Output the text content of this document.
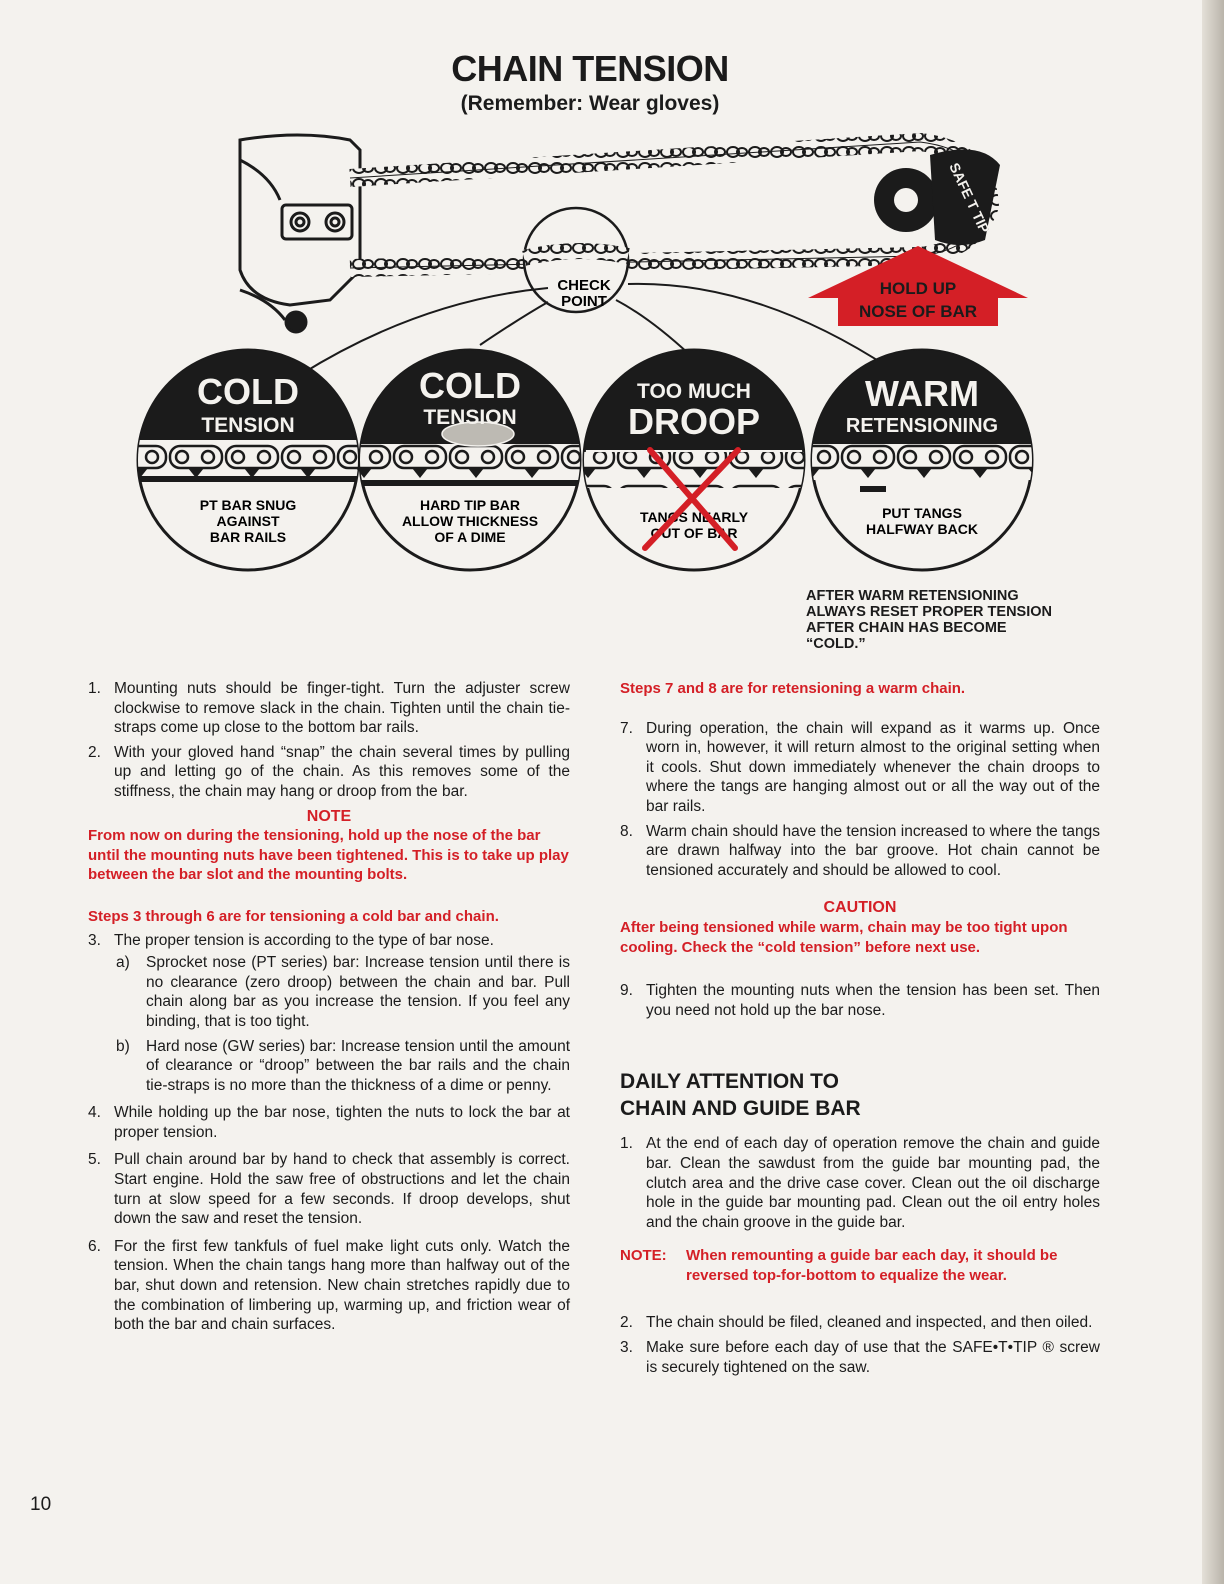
CHAIN TENSION
(Remember: Wear gloves)
SAFE T TIP
CHECK
POINT
HOLD UP
NOSE OF BAR
COLD
TENSION
PT BAR SNUG
AGAINST
BAR RAILS
COLD
TENSION
HARD TIP BAR
ALLOW THICKNESS
OF A DIME
TOO MUCH
DROOP
TANGS NEARLY
OUT OF BAR
WARM
RETENSIONING
PUT TANGS
HALFWAY BACK
AFTER WARM RETENSIONING ALWAYS RESET PROPER TENSION AFTER CHAIN HAS BECOME “COLD.”
1. Mounting nuts should be finger-tight. Turn the adjuster screw clockwise to remove slack in the chain. Tighten until the chain tie-straps come up close to the bottom bar rails.
2. With your gloved hand “snap” the chain several times by pulling up and letting go of the chain. As this removes some of the stiffness, the chain may hang or droop from the bar.
NOTE
From now on during the tensioning, hold up the nose of the bar until the mounting nuts have been tightened. This is to take up play between the bar slot and the mounting bolts.
Steps 3 through 6 are for tensioning a cold bar and chain.
3. The proper tension is according to the type of bar nose.
a)	Sprocket nose (PT series) bar: Increase tension until there is no clearance (zero droop) between the chain and bar. Pull chain along bar as you increase the tension. If you feel any binding, that is too tight.
b)	Hard nose (GW series) bar: Increase tension until the amount of clearance or “droop” between the bar rails and the chain tie-straps is no more than the thickness of a dime or penny.
4. While holding up the bar nose, tighten the nuts to lock the bar at proper tension.
5. Pull chain around bar by hand to check that assembly is correct. Start engine. Hold the saw free of obstructions and let the chain turn at slow speed for a few seconds. If droop develops, shut down the saw and reset the tension.
6. For the first few tankfuls of fuel make light cuts only. Watch the tension. When the chain tangs hang more than halfway out of the bar, shut down and retension. New chain stretches rapidly due to the combination of limbering up, warming up, and friction wear of both the bar and chain surfaces.
Steps 7 and 8 are for retensioning a warm chain.
7. During operation, the chain will expand as it warms up. Once worn in, however, it will return almost to the original setting when it cools. Shut down immediately whenever the chain droops to where the tangs are hanging almost out or all the way out of the bar rails.
8. Warm chain should have the tension increased to where the tangs are drawn halfway into the bar groove. Hot chain cannot be tensioned accurately and should be allowed to cool.
CAUTION
After being tensioned while warm, chain may be too tight upon cooling. Check the “cold tension” before next use.
9. Tighten the mounting nuts when the tension has been set. Then you need not hold up the bar nose.
DAILY ATTENTION TO
CHAIN AND GUIDE BAR
1. At the end of each day of operation remove the chain and guide bar. Clean the sawdust from the guide bar mounting pad, the clutch area and the drive case cover. Clean out the oil discharge hole in the guide bar mounting pad. Clean out the oil entry holes and the chain groove in the guide bar.
NOTE:	When remounting a guide bar each day, it should be reversed top-for-bottom to equalize the wear.
2. The chain should be filed, cleaned and inspected, and then oiled.
3. Make sure before each day of use that the SAFE•T•TIP ® screw is securely tightened on the saw.
10
